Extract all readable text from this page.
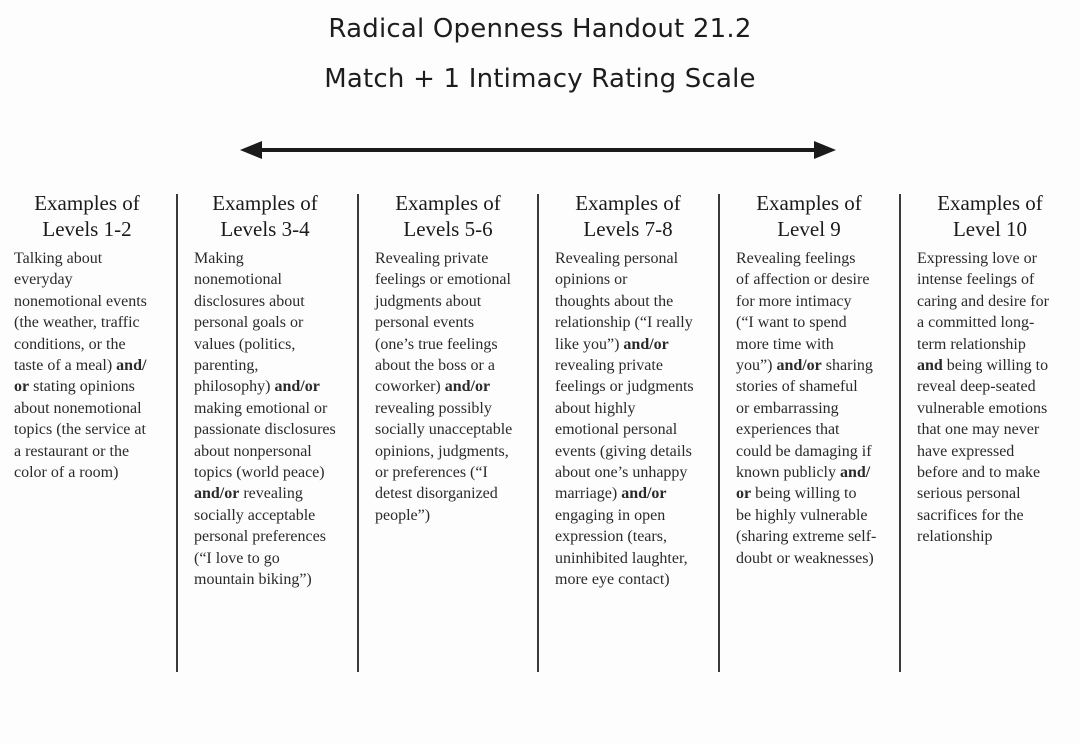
Radical Openness Handout 21.2
Match + 1 Intimacy Rating Scale
Examples of
Levels 1-2

Talking about
everyday
nonemotional events
(the weather, traffic
conditions, or the
taste of a meal) and/
or stating opinions
about nonemotional
topics (the service at
a restaurant or the
color of a room)

Examples of
Levels 3-4

Making
nonemotional
disclosures about
personal goals or
values (politics,
parenting,
philosophy) and/or
making emotional or
passionate disclosures
about nonpersonal
topics (world peace)
and/or revealing
socially acceptable
personal preferences
(“I love to go
mountain biking”)

Examples of
Levels 5-6

Revealing private
feelings or emotional
judgments about
personal events
(one’s true feelings
about the boss or a
coworker) and/or
revealing possibly
socially unacceptable
opinions, judgments,
or preferences (“I
detest disorganized
people”)

Examples of
Levels 7-8

Revealing personal
opinions or
thoughts about the
relationship (“I really
like you”) and/or
revealing private
feelings or judgments
about highly
emotional personal
events (giving details
about one’s unhappy
marriage) and/or
engaging in open
expression (tears,
uninhibited laughter,
more eye contact)

Examples of
Level 9

Revealing feelings
of affection or desire
for more intimacy
(“I want to spend
more time with
you”) and/or sharing
stories of shameful
or embarrassing
experiences that
could be damaging if
known publicly and/
or being willing to
be highly vulnerable
(sharing extreme self-
doubt or weaknesses)

Examples of
Level 10

Expressing love or
intense feelings of
caring and desire for
a committed long-
term relationship
and being willing to
reveal deep-seated
vulnerable emotions
that one may never
have expressed
before and to make
serious personal
sacrifices for the
relationship
